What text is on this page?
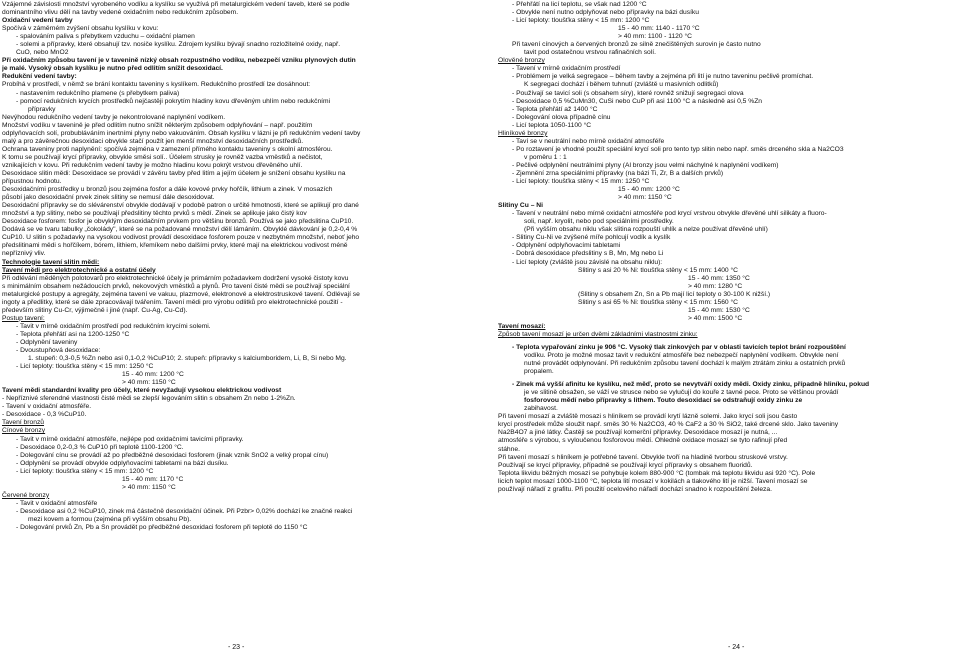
Vzájemné závislosti množství vyrobeného vodíku a kyslíku se využívá při metalurgickém vedení taveb, které se podle
dominantního vlivu dělí na tavby vedené oxidačním nebo redukčním způsobem.
Oxidační vedení tavby
Spočívá v záměrném zvýšení obsahu kyslíku v kovu:
- spalováním paliva s přebytkem vzduchu – oxidační plamen
- solemi a přípravky, které obsahují tzv. nosiče kyslíku. Zdrojem kyslíku bývají snadno rozložitelné oxidy, např.
CuO, nebo MnO2
Při oxidačním způsobu tavení je v tavenině nízký obsah rozpustného vodíku, nebezpečí vzniku plynových dutin
je malé. Vysoký obsah kyslíku je nutno před odlitím snížit desoxidací.
Redukční vedení tavby:
Probíhá v prostředí, v němž se brání kontaktu taveniny s kyslíkem. Redukčního prostředí lze dosáhnout:
- nastavením redukčního plamene (s přebytkem paliva)
- pomocí redukčních krycích prostředků nejčastěji pokrytím hladiny kovu dřevěným uhlím nebo redukčními
přípravky
Nevýhodou redukčního vedení tavby je nekontrolované naplynění vodíkem.
Množství vodíku v tavenině je před odlitím nutno snížit některým způsobem odplyňování – např. použitím
odplyňovacích solí, probubláváním inertními plyny nebo vakuováním. Obsah kyslíku v lázni je při redukčním vedení tavby
malý a pro závěrečnou desoxidaci obvykle stačí použít jen menší množství desoxidačních prostředků.
Ochrana taveniny proti naplynění: spočívá zejména v zamezení přímého kontaktu taveniny s okolní atmosférou.
K tomu se používají krycí přípravky, obvykle směsi solí.. Účelem strusky je rovněž vazba vměstků a nečistot,
vznikajících v kovu. Při redukčním vedení tavby je možno hladinu kovu pokrýt vrstvou dřevěného uhlí.
Desoxidace slitin mědi: Desoxidace se provádí v závěru tavby před litím a jejím účelem je snížení obsahu kyslíku na
přípustnou hodnotu.
Desoxidačními prostředky u bronzů jsou zejména fosfor a dále kovové prvky hořčík, lithium a zinek. V mosazích
působí jako desoxidační prvek zinek slitiny se nemusí dále desoxidovat.
Desoxidační přípravky se do slévárenství obvykle dodávají v podobě patron o určité hmotnosti, které se aplikují pro dané
množství a typ slitiny, nebo se používají předslitiny těchto prvků s mědí. Zinek se aplikuje jako čistý kov
Desoxidace fosforem: fosfor je obvyklým desoxidačním prvkem pro většinu bronzů. Používá se jako předslitina CuP10.
Dodává se ve tvaru tabulky „čokolády", které se na požadované množství dělí lámáním. Obvyklé dávkování je 0,2-0,4 %
CuP10. U slitin s požadavky na vysokou vodivost provádí desoxidace fosforem pouze v nezbytném množství, neboť jeho
předslitinami mědi s hořčíkem, bórem, lithiem, křemíkem nebo dalšími prvky, které mají na elektrickou vodivost méně
nepříznivý vliv.
Technologie tavení slitin mědi:
Tavení mědi pro elektrotechnické a ostatní účely
Při odlévání měděných polotovarů pro elektrotechnické účely je primárním požadavkem dodržení vysoké čistoty kovu
s minimálním obsahem nežádoucích prvků, nekovových vměstků a plynů. Pro tavení čisté mědi se používají speciální
metalurgické postupy a agregáty, zejména tavení ve vakuu, plazmové, elektronové a elektrostruskové tavení. Odlévají se
ingoty a předlitky, které se dále zpracovávají tvářením. Tavení mědi pro výrobu odlitků pro elektrotechnické použití -
především slitiny Cu-Cr, výjimečně i jiné (např. Cu-Ag, Cu-Cd).
Postup tavení:
- Tavit v mírně oxidačním prostředí pod redukčním krycími solemi.
- Teplota přehřátí asi na 1200-1250 °C
- Odplynění taveniny
- Dvoustupňová desoxidace:
1. stupeň: 0,3-0,5 %Zn nebo asi 0,1-0,2 %CuP10; 2. stupeň: přípravky s kalciumboridem, Li, B, Si nebo Mg.
- Licí teploty: tloušťka stěny < 15 mm: 1250 °C
15 - 40 mm: 1200 °C
> 40 mm: 1150 °C
Tavení mědi standardní kvality pro účely, které nevyžadují vysokou elektrickou vodivost
- Nepříznivé sferendné vlastnosti čisté mědi se zlepší legováním slitin s obsahem Zn nebo 1-2%Zn.
- Tavení v oxidační atmosféře.
- Desoxidace - 0,3 %CuP10.
Tavení bronzů
Cínové bronzy
- Tavit v mírně oxidační atmosféře, nejlépe pod oxidačními tavicími přípravky.
- Desoxidace 0,2-0,3 % CuP10 při teplotě 1100-1200 °C.
- Dolegování cínu se provádí až po předběžné desoxidaci fosforem (jinak vznik SnO2 a velký propal cínu)
- Odplynění se provádí obvykle odplyňovacími tabletami na bázi dusíku.
- Licí teploty: tloušťka stěny < 15 mm: 1200 °C
15 - 40 mm: 1170 °C
> 40 mm: 1150 °C
Červené bronzy
- Tavit v oxidační atmosféře
- Desoxidace asi 0,2 %CuP10, zinek má částečně desoxidační účinek. Při Pzbr> 0,02% dochází ke značné reakci
mezi kovem a formou (zejména při vyšším obsahu Pb).
- Dolegování prvků Zn, Pb a Sn provádět po předběžné desoxidaci fosforem při teplotě do 1150 °C
- 23 -
- Přehřátí na licí teplotu, se však nad 1200 °C
- Obvykle není nutno odplyňovat nebo přípravky na bázi dusíku
- Licí teploty: tloušťka stěny < 15 mm: 1200 °C
15 - 40 mm: 1140 - 1170 °C
> 40 mm: 1100 - 1120 °C
Při tavení cínových a červených bronzů ze silně znečištěných surovin je často nutno
tavit pod ostatečnou vrstvou rafinačních solí.
Olověné bronzy
- Tavení v mírně oxidačním prostředí
- Problémem je velká segregace – během tavby a zejména při lití je nutno taveninu pečlivě promíchat.
K segregaci dochází i během tuhnutí (zvláště u masivních odlitků)
- Používají se tavicí soli (s obsahem síry), které rovněž snižují segregaci olova
- Desoxidace 0,5 %CuMn30, CuSi nebo CuP při asi 1100 °C a následně asi 0,5 %Zn
- Teplota přehřátí až 1400 °C
- Dolegování olova případně cínu
- Licí teplota 1050-1100 °C
Hliníkové bronzy
- Taví se v neutrální nebo mírně oxidační atmosféře
- Po roztavení je vhodné použít speciální krycí soli pro tento typ slitin nebo např. směs drceného skla a Na2CO3
v poměru 1 : 1
- Pečlivé odplynění neutrálními plyny (Al bronzy jsou velmi náchylné k naplynění vodíkem)
- Zjemnění zrna speciálními přípravky (na bázi Ti, Zr, B a dalších prvků)
- Licí teploty: tloušťka stěny < 15 mm: 1250 °C
15 - 40 mm: 1200 °C
> 40 mm: 1150 °C
Slitiny Cu – Ni
- Tavení v neutrální nebo mírně oxidační atmosféře pod krycí vrstvou obvykle dřevěné uhlí silikáty a fluoro-
soli, např. kryolit, nebo pod speciálními prostředky.
(Při vyšším obsahu niklu však slitina rozpouští uhlík a nelze používat dřevěné uhlí)
- Slitiny Cu-Ni ve zvýšené míře pohlcují vodík a kyslík
- Odplynění odplyňovacími tabletami
- Dobrá desoxidace předslitiny s B, Mn, Mg nebo Li
- Licí teploty (zvláště jsou závislé na obsahu niklu):
Slitiny s asi 20 % Ni: tloušťka stěny < 15 mm: 1400 °C
15 - 40 mm: 1350 °C
> 40 mm: 1280 °C
(Slitiny s obsahem Zn, Sn a Pb mají licí teploty o 30-100 K nižší.)
Slitiny s asi 65 % Ni: tloušťka stěny < 15 mm: 1560 °C
15 - 40 mm: 1530 °C
> 40 mm: 1500 °C
Tavení mosazí:
Způsob tavení mosazí je určen dvěmi základními vlastnostmi zinku:
- Teplota vypařování zinku je 906 °C. Vysoký tlak zinkových par v oblasti tavicích teplot brání rozpouštění
vodíku. Proto je možné mosaz tavit v redukční atmosféře bez nebezpečí naplynění vodíkem. Obvykle není
nutné provádět odplynování. Při redukčním způsobu tavení dochází k malým ztrátám zinku a ostatních prvků
propalem.
- Zinek má vyšší afinitu ke kyslíku, než měď, proto se nevytváří oxidy mědi. Oxidy zinku, případně hliníku, pokud
je ve slitině obsažen, se váží ve strusce nebo se vylučují do kouře z tavné pece. Proto se většinou provádí
fosforovou mědí nebo přípravky s lithem. Touto desoxidací se odstraňují oxidy zinku ze
zabihavost.
Při tavení mosazí a zvláště mosazi s hliníkem se provádí krytí lázně solemi. Jako krycí soli jsou často
krycí prostředek může sloužit např. směs 30 % Na2CO3, 40 % CaF2 a 30 % SiO2, také drcené sklo. Jako taveniny
Na2B4O7 a jiné látky. Častěji se používají komerční přípravky. Desoxidace mosazí je nutná, ...
atmosféře s výrobou, s vyloučenou fosforovou mědí. Ohledně oxidace mosazí se tyto rafinují před
stáhne.
Při tavení mosazí s hliníkem je potřebné tavení. Obvykle tvoří na hladině tvorbou struskové vrstvy.
Používají se krycí přípravky, případně se používají krycí přípravky s obsahem fluoridů.
Teplota likvidu běžných mosazí se pohybuje kolem 880-900 °C (tombak má teplotu likvidu asi 920 °C). Pole
licích teplot mosazí 1000-1100 °C, teplota lití mosazí v kokilách a tlakového lití je nižší. Tavení mosazí se
používají nářadí z grafitu. Při použití ocelového nářadí dochází snadno k rozpouštění železa.
- 24 -
